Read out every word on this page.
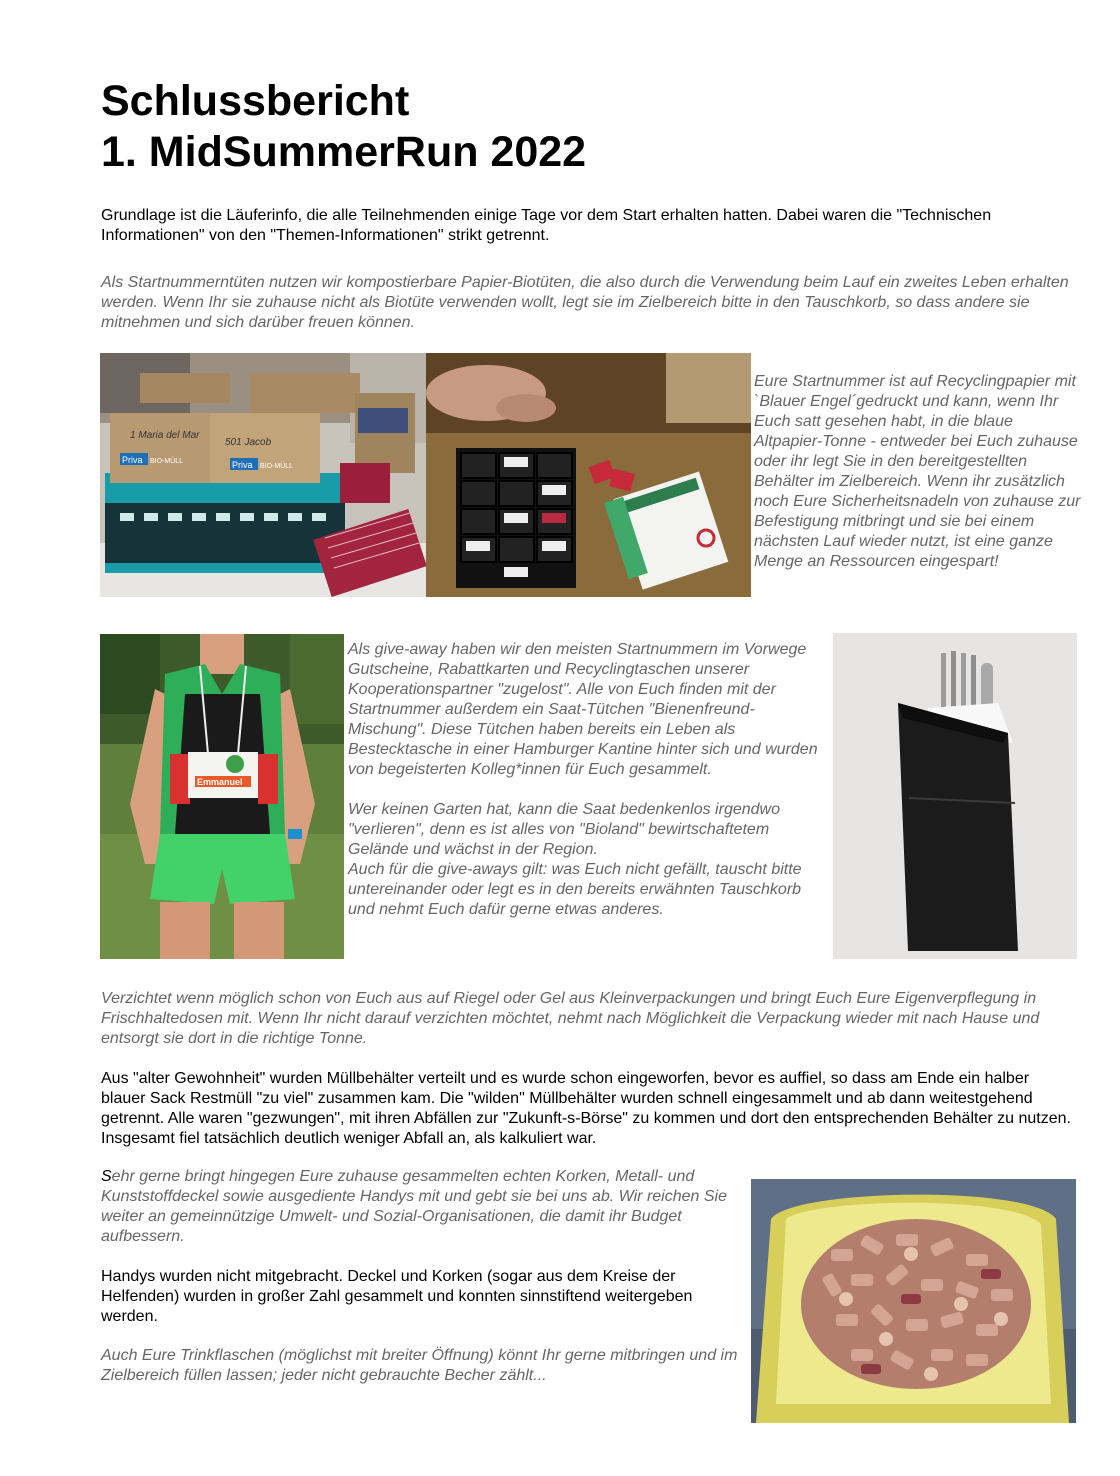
Schlussbericht
1. MidSummerRun 2022

Grundlage ist die Läuferinfo, die alle Teilnehmenden einige Tage vor dem Start erhalten hatten. Dabei waren die "Technischen Informationen" von den "Themen-Informationen" strikt getrennt.

Als Startnummerntüten nutzen wir kompostierbare Papier-Biotüten, die also durch die Verwendung beim Lauf ein zweites Leben erhalten werden. Wenn Ihr sie zuhause nicht als Biotüte verwenden wollt, legt sie im Zielbereich bitte in den Tauschkorb, so dass andere sie mitnehmen und sich darüber freuen können.

Priva BIO-MÜLL	Priva BIO-MÜLL
1 Maria del Mar
501 Jacob

Eure Startnummer ist auf Recyclingpapier mit `Blauer Engel´gedruckt und kann, wenn Ihr Euch satt gesehen habt, in die blaue Altpapier-Tonne - entweder bei Euch zuhause oder ihr legt Sie in den bereitgestellten Behälter im Zielbereich. Wenn ihr zusätzlich noch Eure Sicherheitsnadeln von zuhause zur Befestigung mitbringt und sie bei einem nächsten Lauf wieder nutzt, ist eine ganze Menge an Ressourcen eingespart!

Emmanuel

Als give-away haben wir den meisten Startnummern im Vorwege Gutscheine, Rabattkarten und Recyclingtaschen unserer Kooperationspartner "zugelost". Alle von Euch finden mit der Startnummer außerdem ein Saat-Tütchen "Bienenfreund-Mischung". Diese Tütchen haben bereits ein Leben als Bestecktasche in einer Hamburger Kantine hinter sich und wurden von begeisterten Kolleg*innen für Euch gesammelt.

Wer keinen Garten hat, kann die Saat bedenkenlos irgendwo "verlieren", denn es ist alles von "Bioland" bewirtschaftetem Gelände und wächst in der Region.

Auch für die give-aways gilt: was Euch nicht gefällt, tauscht bitte untereinander oder legt es in den bereits erwähnten Tauschkorb und nehmt Euch dafür gerne etwas anderes.

Verzichtet wenn möglich schon von Euch aus auf Riegel oder Gel aus Kleinverpackungen und bringt Euch Eure Eigenverpflegung in Frischhaltedosen mit. Wenn Ihr nicht darauf verzichten möchtet, nehmt nach Möglichkeit die Verpackung wieder mit nach Hause und entsorgt sie dort in die richtige Tonne.

Aus "alter Gewohnheit" wurden Müllbehälter verteilt und es wurde schon eingeworfen, bevor es auffiel, so dass am Ende ein halber blauer Sack Restmüll "zu viel" zusammen kam. Die "wilden" Müllbehälter wurden schnell eingesammelt und ab dann weitestgehend getrennt. Alle waren "gezwungen", mit ihren Abfällen zur "Zukunft-s-Börse" zu kommen und dort den entsprechenden Behälter zu nutzen. Insgesamt fiel tatsächlich deutlich weniger Abfall an, als kalkuliert war.

Sehr gerne bringt hingegen Eure zuhause gesammelten echten Korken, Metall- und Kunststoffdeckel sowie ausgediente Handys mit und gebt sie bei uns ab. Wir reichen Sie weiter an gemeinnützige Umwelt- und Sozial-Organisationen, die damit ihr Budget aufbessern.

Handys wurden nicht mitgebracht. Deckel und Korken (sogar aus dem Kreise der Helfenden) wurden in großer Zahl gesammelt und konnten sinnstiftend weitergeben werden.

Auch Eure Trinkflaschen (möglichst mit breiter Öffnung) könnt Ihr gerne mitbringen und im Zielbereich füllen lassen; jeder nicht gebrauchte Becher zählt...
